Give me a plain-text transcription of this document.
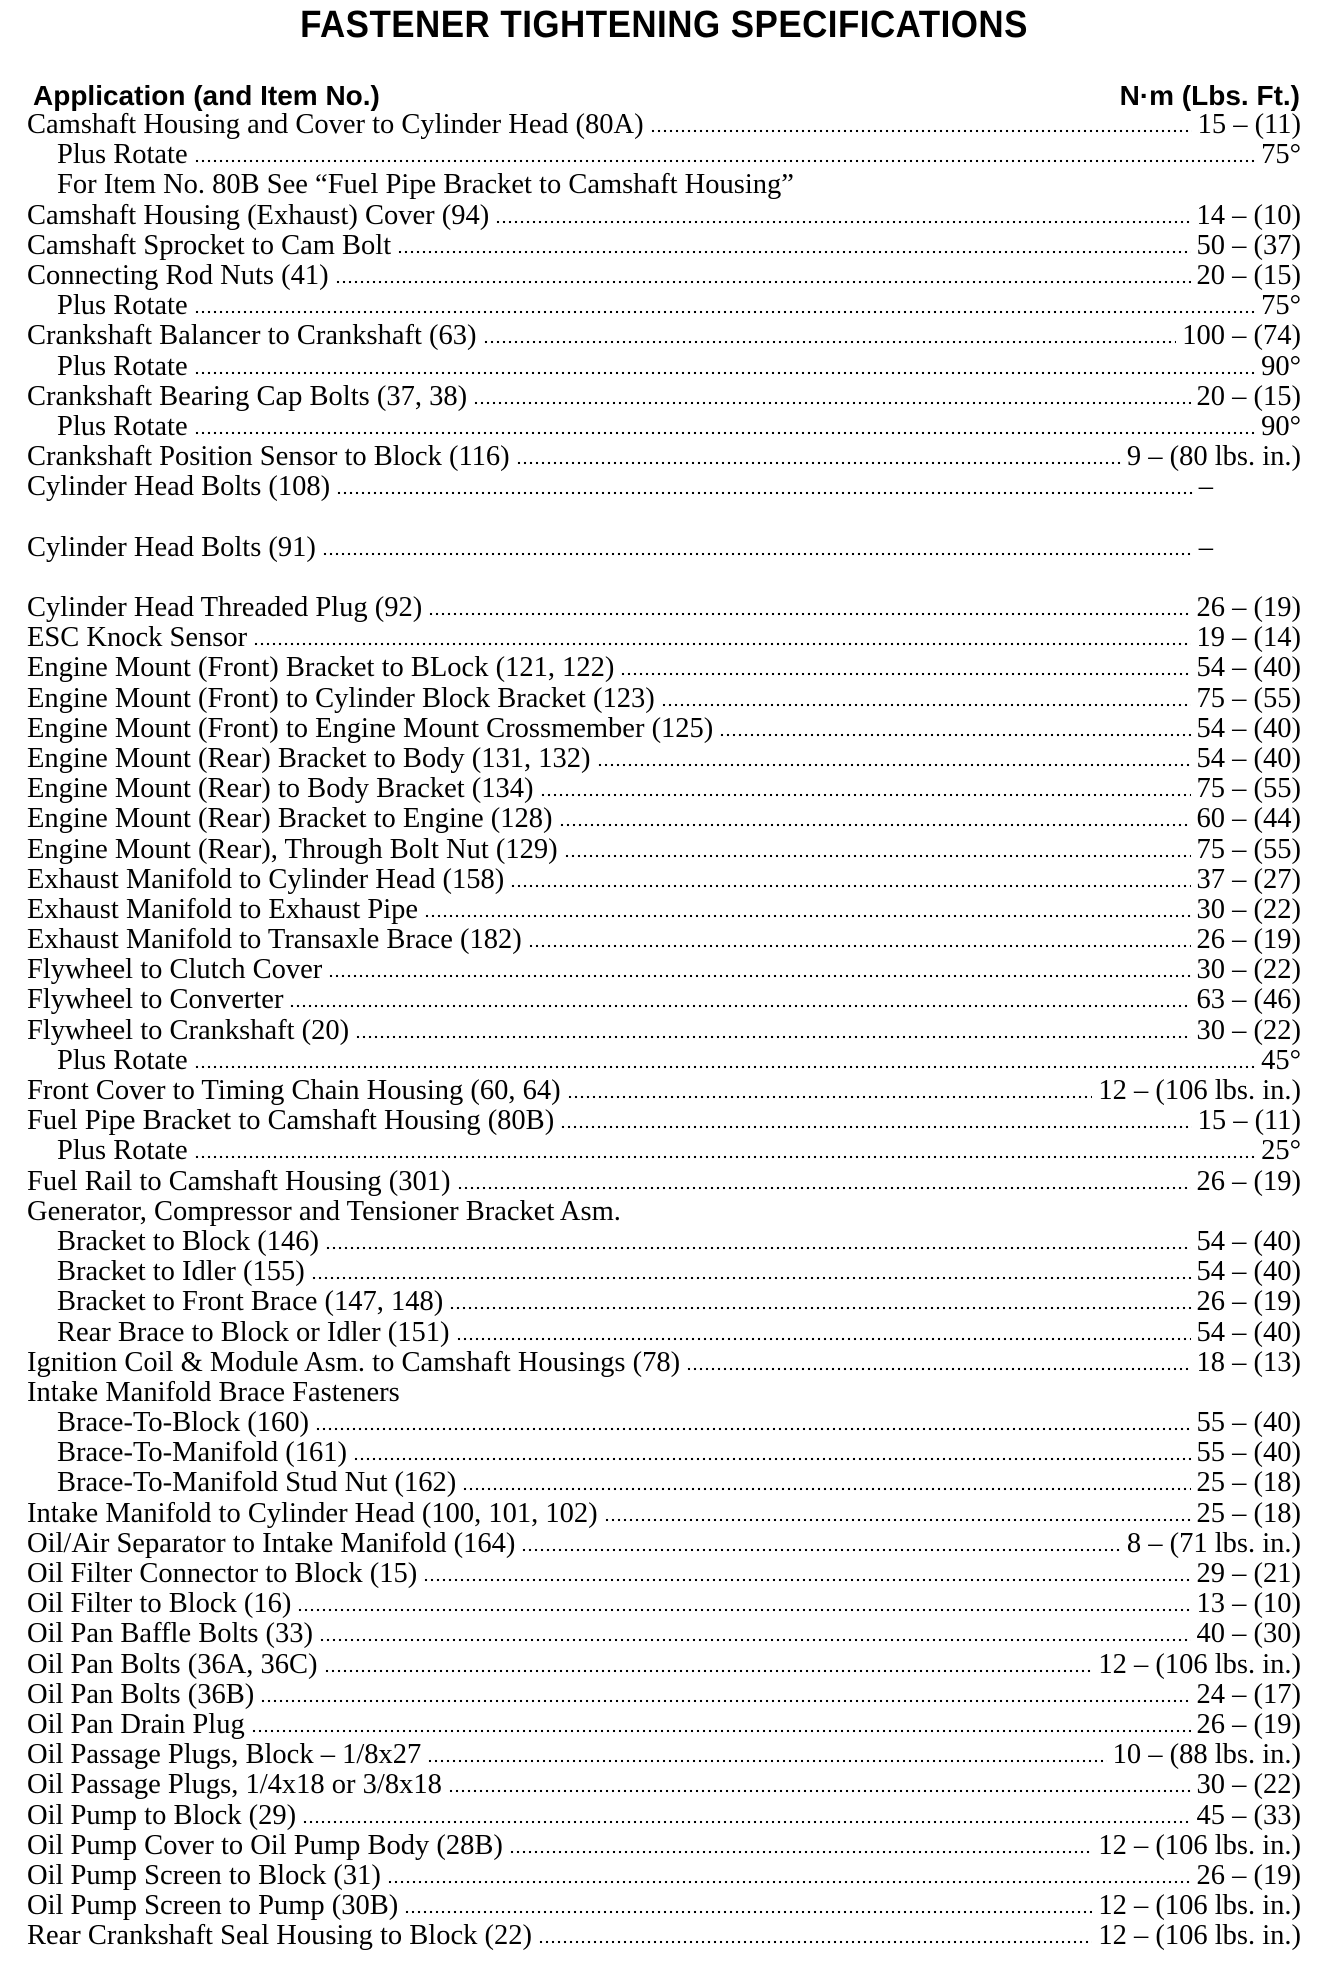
FASTENER TIGHTENING SPECIFICATIONS
Application (and Item No.)	N·m (Lbs. Ft.)
Camshaft Housing and Cover to Cylinder Head (80A)	15 – (11)
Plus Rotate	75°
For Item No. 80B See “Fuel Pipe Bracket to Camshaft Housing”
Camshaft Housing (Exhaust) Cover (94)	14 – (10)
Camshaft Sprocket to Cam Bolt	50 – (37)
Connecting Rod Nuts (41)	20 – (15)
Plus Rotate	75°
Crankshaft Balancer to Crankshaft (63)	100 – (74)
Plus Rotate	90°
Crankshaft Bearing Cap Bolts (37, 38)	20 – (15)
Plus Rotate	90°
Crankshaft Position Sensor to Block (116)	9 – (80 lbs. in.)
Cylinder Head Bolts (108)	–
Cylinder Head Bolts (91)	–
Cylinder Head Threaded Plug (92)	26 – (19)
ESC Knock Sensor	19 – (14)
Engine Mount (Front) Bracket to BLock (121, 122)	54 – (40)
Engine Mount (Front) to Cylinder Block Bracket (123)	75 – (55)
Engine Mount (Front) to Engine Mount Crossmember (125)	54 – (40)
Engine Mount (Rear) Bracket to Body (131, 132)	54 – (40)
Engine Mount (Rear) to Body Bracket (134)	75 – (55)
Engine Mount (Rear) Bracket to Engine (128)	60 – (44)
Engine Mount (Rear), Through Bolt Nut (129)	75 – (55)
Exhaust Manifold to Cylinder Head (158)	37 – (27)
Exhaust Manifold to Exhaust Pipe	30 – (22)
Exhaust Manifold to Transaxle Brace (182)	26 – (19)
Flywheel to Clutch Cover	30 – (22)
Flywheel to Converter	63 – (46)
Flywheel to Crankshaft (20)	30 – (22)
Plus Rotate	45°
Front Cover to Timing Chain Housing (60, 64)	12 – (106 lbs. in.)
Fuel Pipe Bracket to Camshaft Housing (80B)	15 – (11)
Plus Rotate	25°
Fuel Rail to Camshaft Housing (301)	26 – (19)
Generator, Compressor and Tensioner Bracket Asm.
Bracket to Block (146)	54 – (40)
Bracket to Idler (155)	54 – (40)
Bracket to Front Brace (147, 148)	26 – (19)
Rear Brace to Block or Idler (151)	54 – (40)
Ignition Coil & Module Asm. to Camshaft Housings (78)	18 – (13)
Intake Manifold Brace Fasteners
Brace-To-Block (160)	55 – (40)
Brace-To-Manifold (161)	55 – (40)
Brace-To-Manifold Stud Nut (162)	25 – (18)
Intake Manifold to Cylinder Head (100, 101, 102)	25 – (18)
Oil/Air Separator to Intake Manifold (164)	8 – (71 lbs. in.)
Oil Filter Connector to Block (15)	29 – (21)
Oil Filter to Block (16)	13 – (10)
Oil Pan Baffle Bolts (33)	40 – (30)
Oil Pan Bolts (36A, 36C)	12 – (106 lbs. in.)
Oil Pan Bolts (36B)	24 – (17)
Oil Pan Drain Plug	26 – (19)
Oil Passage Plugs, Block – 1/8x27	10 – (88 lbs. in.)
Oil Passage Plugs, 1/4x18 or 3/8x18	30 – (22)
Oil Pump to Block (29)	45 – (33)
Oil Pump Cover to Oil Pump Body (28B)	12 – (106 lbs. in.)
Oil Pump Screen to Block (31)	26 – (19)
Oil Pump Screen to Pump (30B)	12 – (106 lbs. in.)
Rear Crankshaft Seal Housing to Block (22)	12 – (106 lbs. in.)
